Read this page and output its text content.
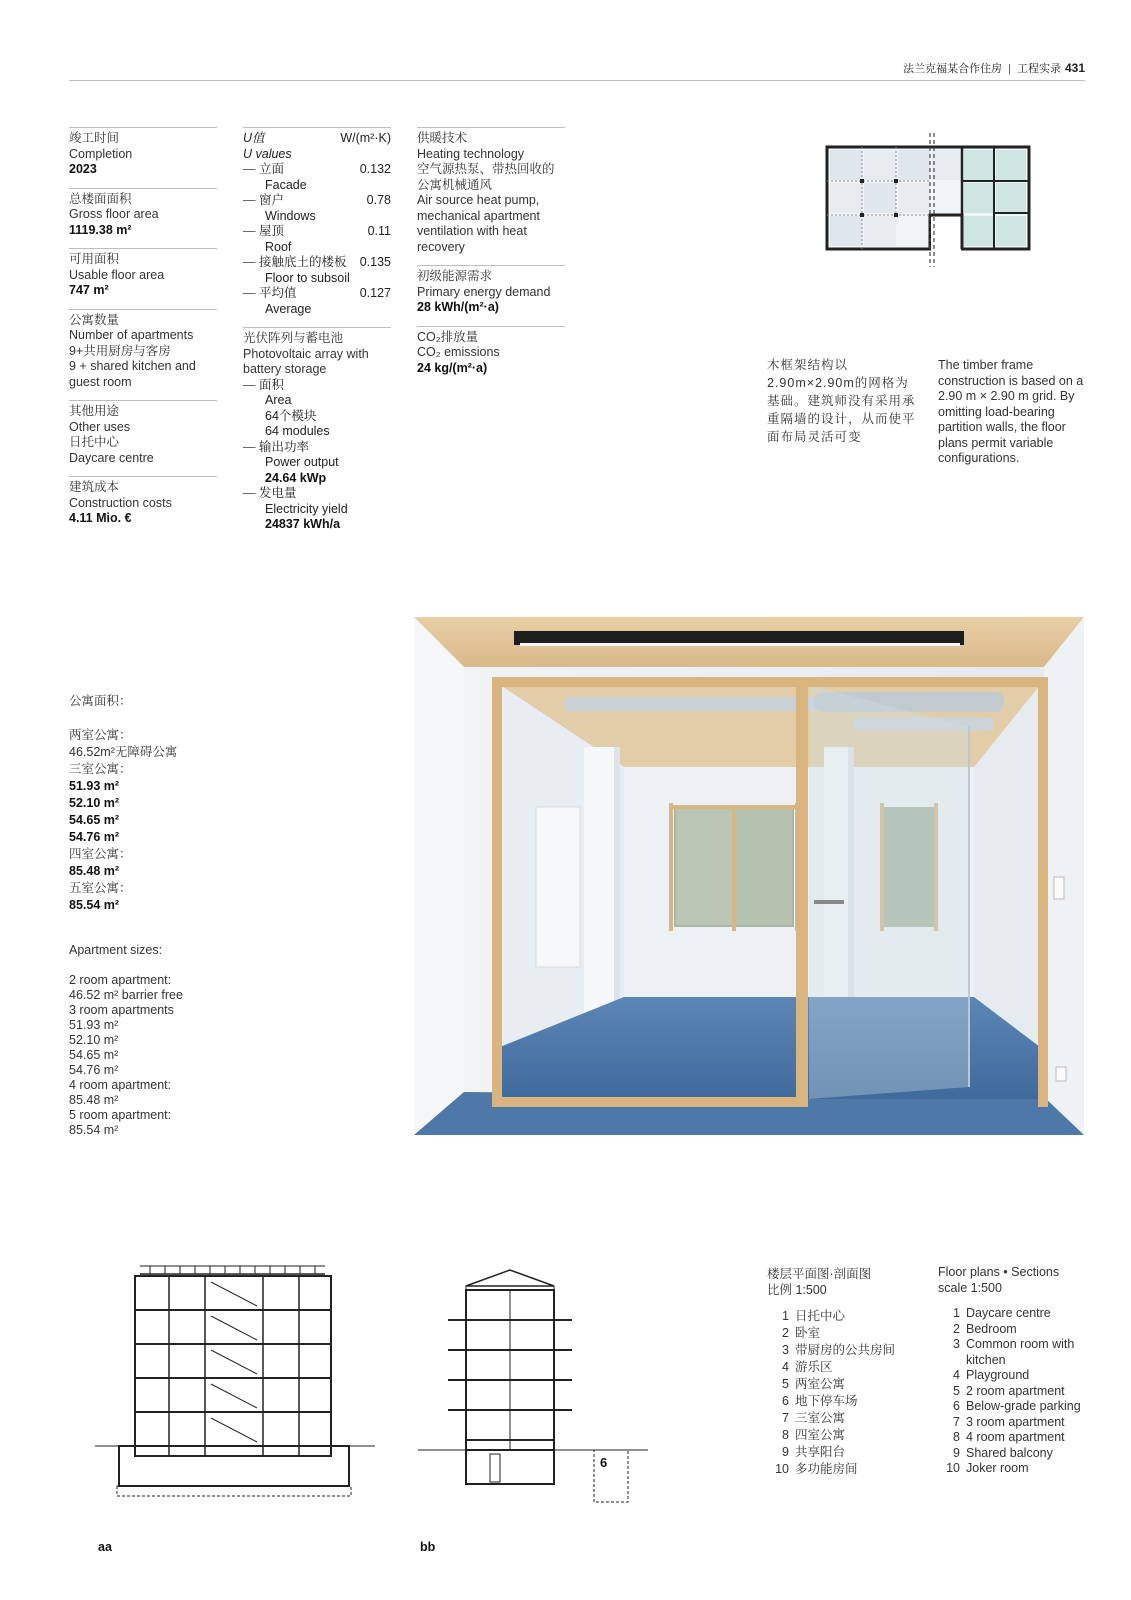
法兰克福某合作住房 | 工程实录 431
竣工时间
Completion
2023
总楼面面积
Gross floor area
1119.38 m²
可用面积
Usable floor area
747 m²
公寓数量
Number of apartments
9+共用厨房与客房
9 + shared kitchen and guest room
其他用途
Other uses
日托中心
Daycare centre
建筑成本
Construction costs
4.11 Mio. €
U值	W/(m²·K)
U values
— 立面	0.132
Facade
— 窗户	0.78
Windows
— 屋顶	0.11
Roof
— 接触底土的楼板 0.135
Floor to subsoil
— 平均值	0.127
Average
光伏阵列与蓄电池
Photovoltaic array with battery storage
— 面积
Area
64个模块
64 modules
— 输出功率
Power output
24.64 kWp
— 发电量
Electricity yield
24837 kWh/a
供暖技术
Heating technology
空气源热泵、带热回收的公寓机械通风
Air source heat pump, mechanical apartment ventilation with heat recovery
初级能源需求
Primary energy demand
28 kWh/(m²·a)
CO₂排放量
CO₂ emissions
24 kg/(m²·a)	木框架结构以2.90m×2.90m的网格为基础。建筑师没有采用承重隔墙的设计，从而使平面布局灵活可变
The timber frame construction is based on a 2.90 m × 2.90 m grid. By omitting load-bearing partition walls, the floor plans permit variable configurations.
公寓面积：

两室公寓：
46.52m²无障碍公寓
三室公寓：
51.93 m²
52.10 m²
54.65 m²
54.76 m²
四室公寓：
85.48 m²
五室公寓：
85.54 m²
Apartment sizes:

2 room apartment:
46.52 m² barrier free
3 room apartments
51.93 m²
52.10 m²
54.65 m²
54.76 m²
4 room apartment:
85.48 m²
5 room apartment:
85.54 m²
楼层平面图·剖面图
比例 1:500
1 日托中心
2 卧室
3 带厨房的公共房间
4 游乐区
5 两室公寓
6 地下停车场
7 三室公寓
8 四室公寓
9 共享阳台
10 多功能房间
Floor plans • Sections
scale 1:500
1 Daycare centre
2 Bedroom
3 Common room with kitchen
4 Playground
5 2 room apartment
6 Below-grade parking
7 3 room apartment
8 4 room apartment
9 Shared balcony
10 Joker room
aa
6
bb
